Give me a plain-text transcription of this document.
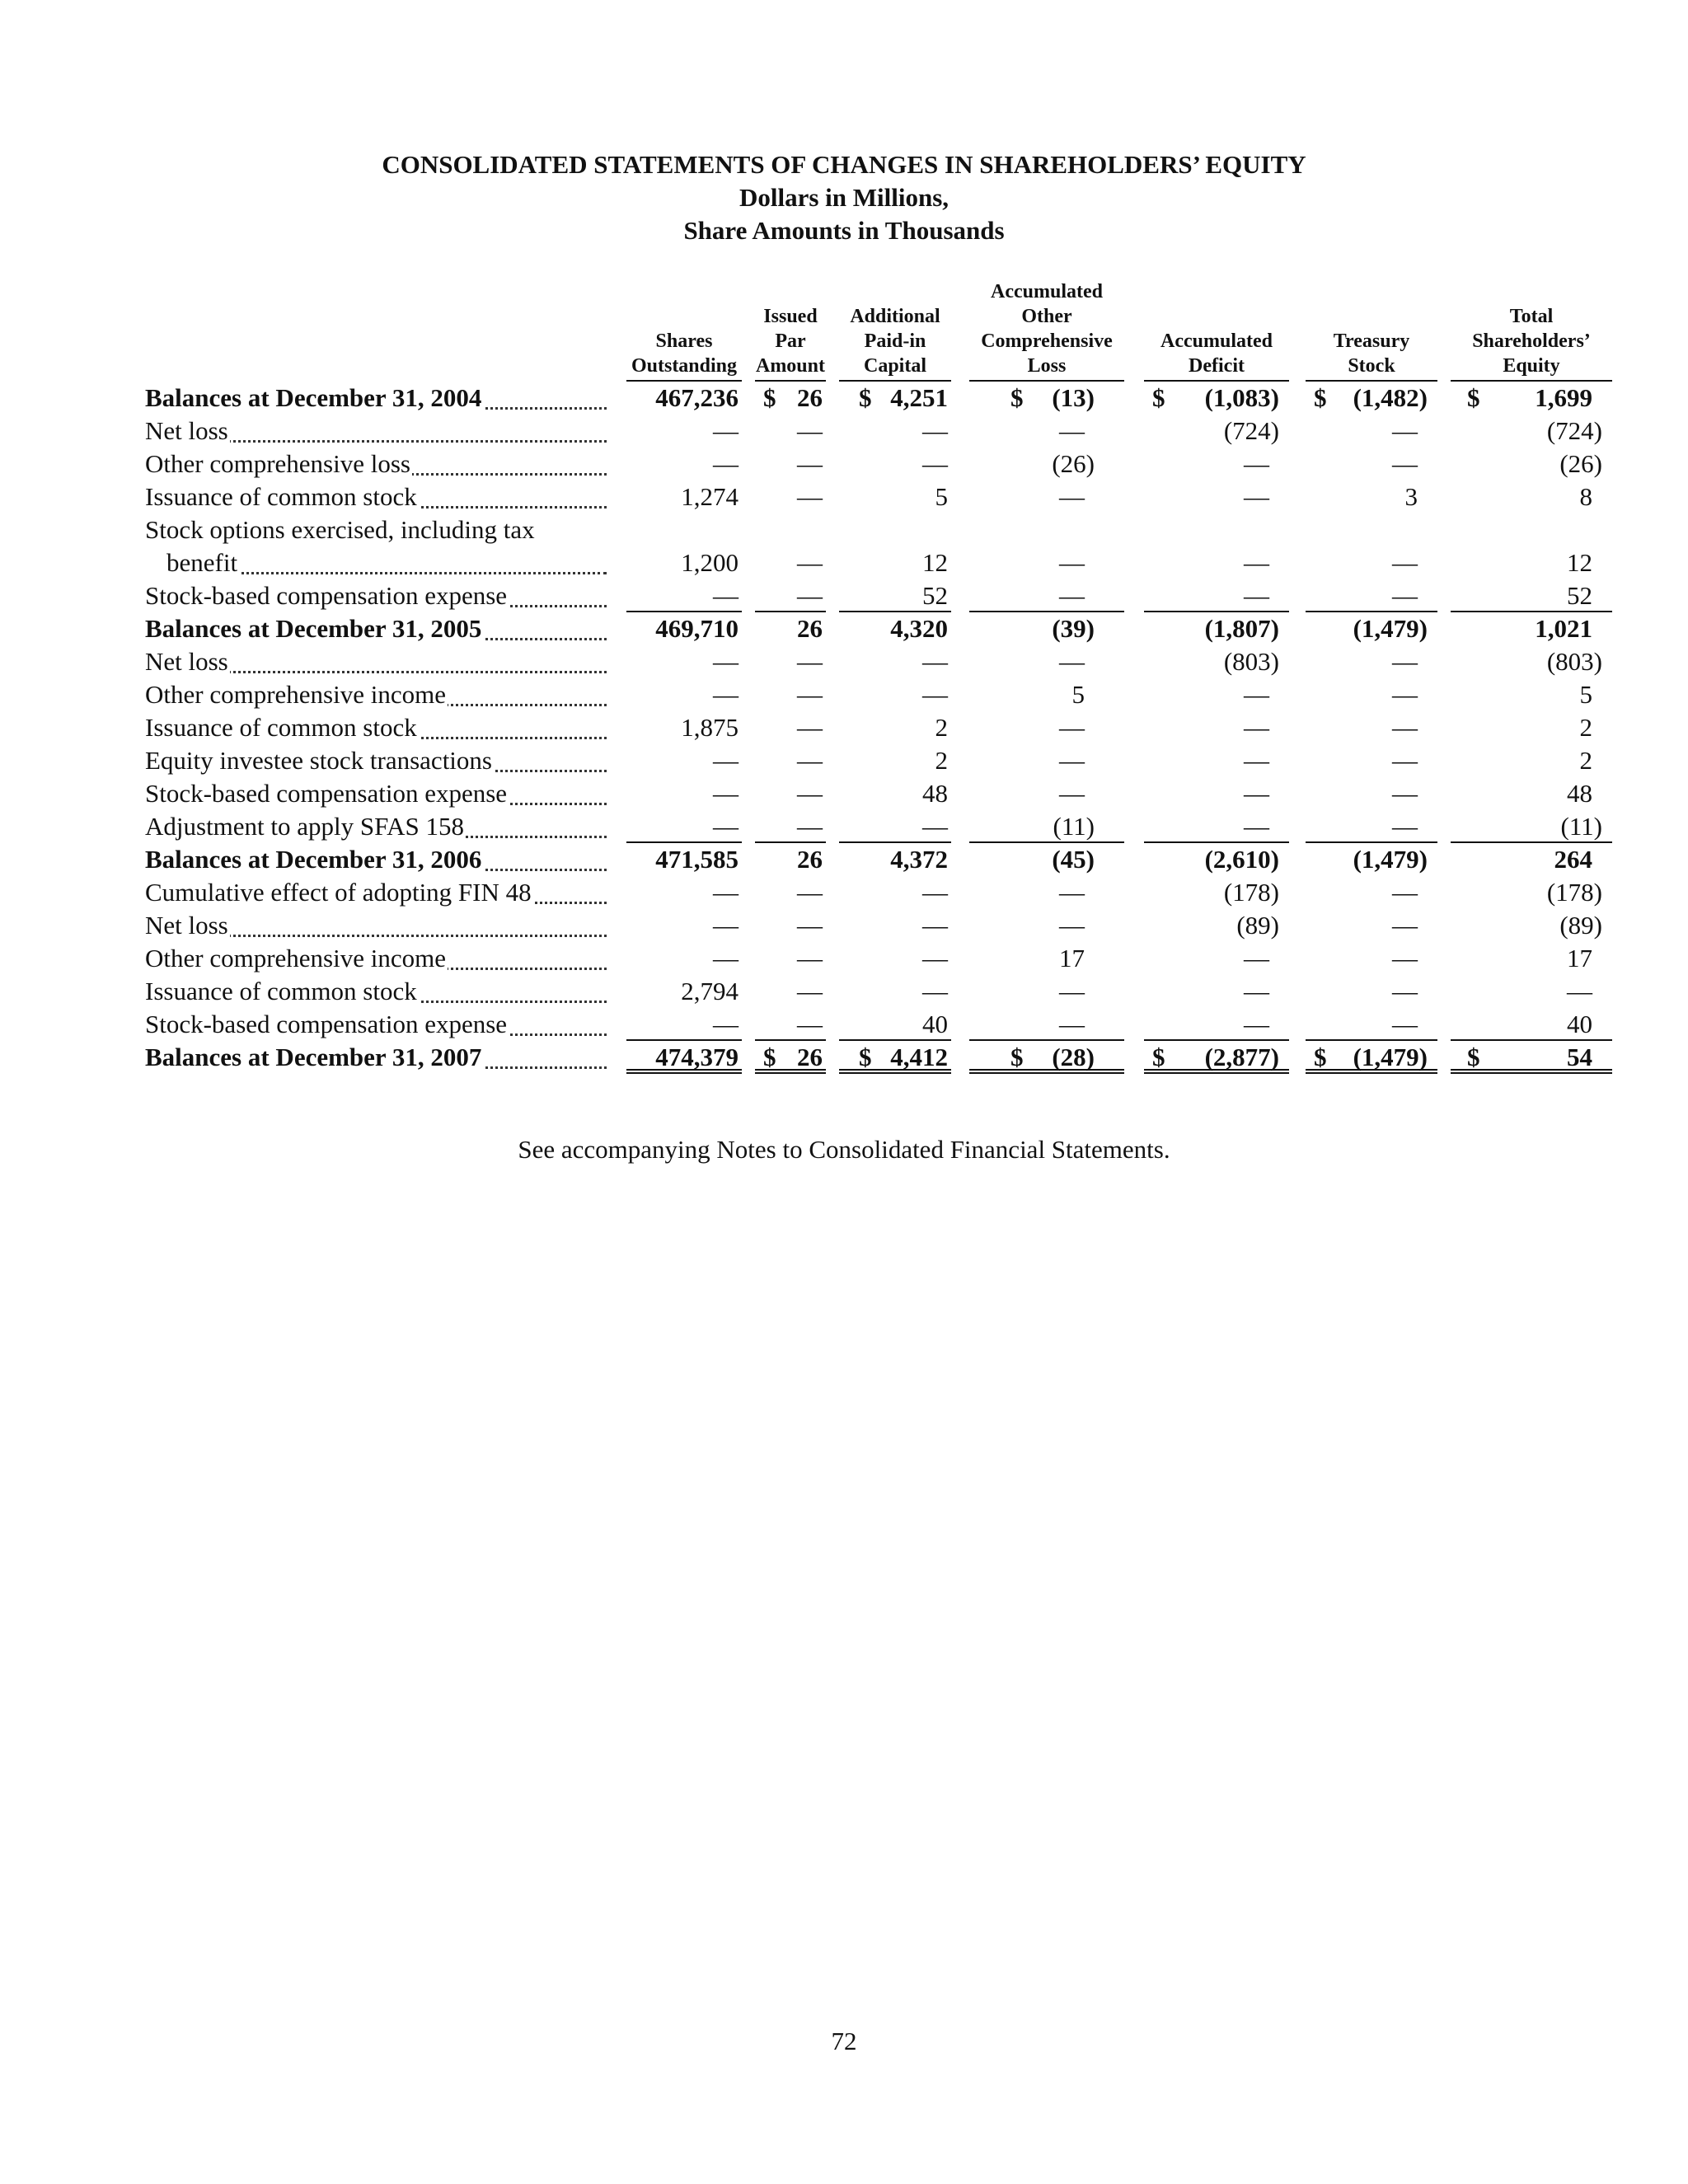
CONSOLIDATED STATEMENTS OF CHANGES IN SHAREHOLDERS’ EQUITY
Dollars in Millions,
Share Amounts in Thousands
Shares
Outstanding
Issued
Par
Amount
Additional
Paid-in
Capital
Accumulated
Other
Comprehensive
Loss
Accumulated
Deficit
Treasury
Stock
Total
Shareholders’
Equity
Balances at December 31, 2004	467,236 $ 26 $ 4,251 $ (13)	$ (1,083)	$ (1,482)	$ 1,699
Net loss	—	—	—	—	(724)	—	(724)
Other comprehensive loss	—	—	—	(26)	—	—	(26)
Issuance of common stock	1,274	—	5	—	—	3	8
Stock options exercised, including tax
benefit	1,200	—	12	—	—	—	12
Stock-based compensation expense	—	—	52	—	—	—	52
Balances at December 31, 2005	469,710	26	4,320	(39)	(1,807)	(1,479)	1,021
Net loss	—	—	—	—	(803)	—	(803)
Other comprehensive income	—	—	—	5	—	—	5
Issuance of common stock	1,875	—	2	—	—	—	2
Equity investee stock transactions	—	—	2	—	—	—	2
Stock-based compensation expense	—	—	48	—	—	—	48
Adjustment to apply SFAS 158	—	—	—	(11)	—	—	(11)
Balances at December 31, 2006	471,585	26	4,372	(45)	(2,610)	(1,479)	264
Cumulative effect of adopting FIN 48	—	—	—	—	(178)	—	(178)
Net loss	—	—	—	—	(89)	—	(89)
Other comprehensive income	—	—	—	17	—	—	17
Issuance of common stock	2,794	—	—	—	—	—	—
Stock-based compensation expense	—	—	40	—	—	—	40
Balances at December 31, 2007	474,379 $ 26 $ 4,412 $ (28)	$ (2,877)	$ (1,479)	$	54
See accompanying Notes to Consolidated Financial Statements.
72
